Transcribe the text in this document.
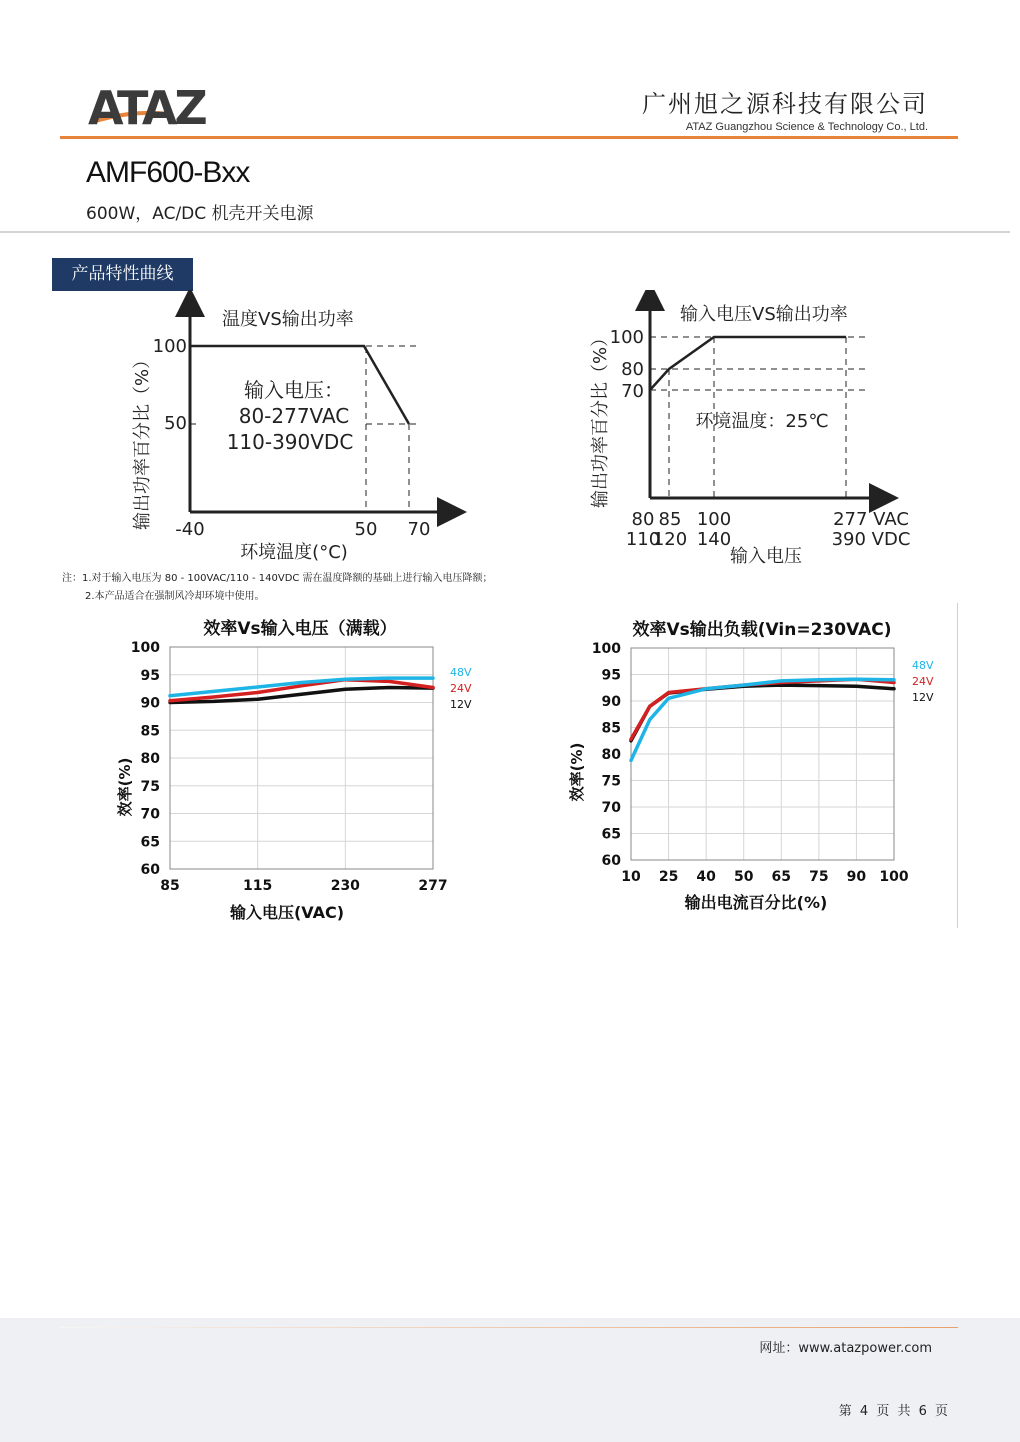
ATAZ	广州旭之源科技有限公司
ATAZ Guangzhou Science & Technology Co., Ltd.
AMF600-Bxx
600W，AC/DC 机壳开关电源
产品特性曲线
温度VS输出功率
输出功率百分比（%）
100
50
-40	50 70
环境温度(°C)
输入电压：
80-277VAC
110-390VDC
输入电压VS输出功率
输出功率百分比（%）
100
80
70
环境温度：25℃
80 85 100	277 VAC
110
120 140	390 VDC
输入电压
注：1.对于输入电压为 80 - 100VAC/110 - 140VDC 需在温度降额的基础上进行输入电压降额；
2.本产品适合在强制风冷却环境中使用。
效率Vs输入电压（满载）
效率(%)
输入电压(VAC)
100
95
90
85
80
75
70
65
60
85	115	230	277
48V
24V
12V
效率Vs输出负载(Vin=230VAC)
效率(%)
输出电流百分比(%)
100
95
90
85
80
75
70
65
60
10 25 40 50 65 75 90 100
48V
24V
12V
网址：www.atazpower.com
第 4 页 共 6 页
